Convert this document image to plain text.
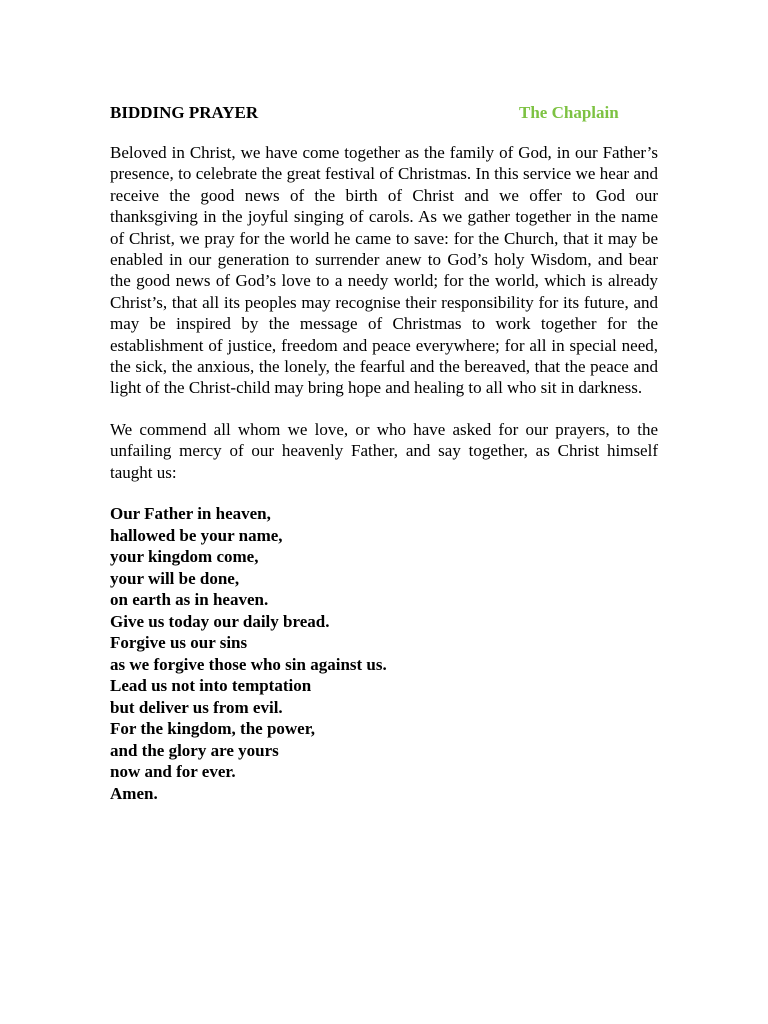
BIDDING PRAYER	The Chaplain

Beloved in Christ, we have come together as the family of God, in our Father’s presence, to celebrate the great festival of Christmas. In this service we hear and receive the good news of the birth of Christ and we offer to God our thanksgiving in the joyful singing of carols. As we gather together in the name of Christ, we pray for the world he came to save: for the Church, that it may be enabled in our generation to surrender anew to God’s holy Wisdom, and bear the good news of God’s love to a needy world; for the world, which is already Christ’s, that all its peoples may recognise their responsibility for its future, and may be inspired by the message of Christmas to work together for the establishment of justice, freedom and peace everywhere; for all in special need, the sick, the anxious, the lonely, the fearful and the bereaved, that the peace and light of the Christ-child may bring hope and healing to all who sit in darkness.

We commend all whom we love, or who have asked for our prayers, to the unfailing mercy of our heavenly Father, and say together, as Christ himself taught us:

Our Father in heaven,
hallowed be your name,
your kingdom come,
your will be done,
on earth as in heaven.
Give us today our daily bread.
Forgive us our sins
as we forgive those who sin against us.
Lead us not into temptation
but deliver us from evil.
For the kingdom, the power,
and the glory are yours
now and for ever.
Amen.
